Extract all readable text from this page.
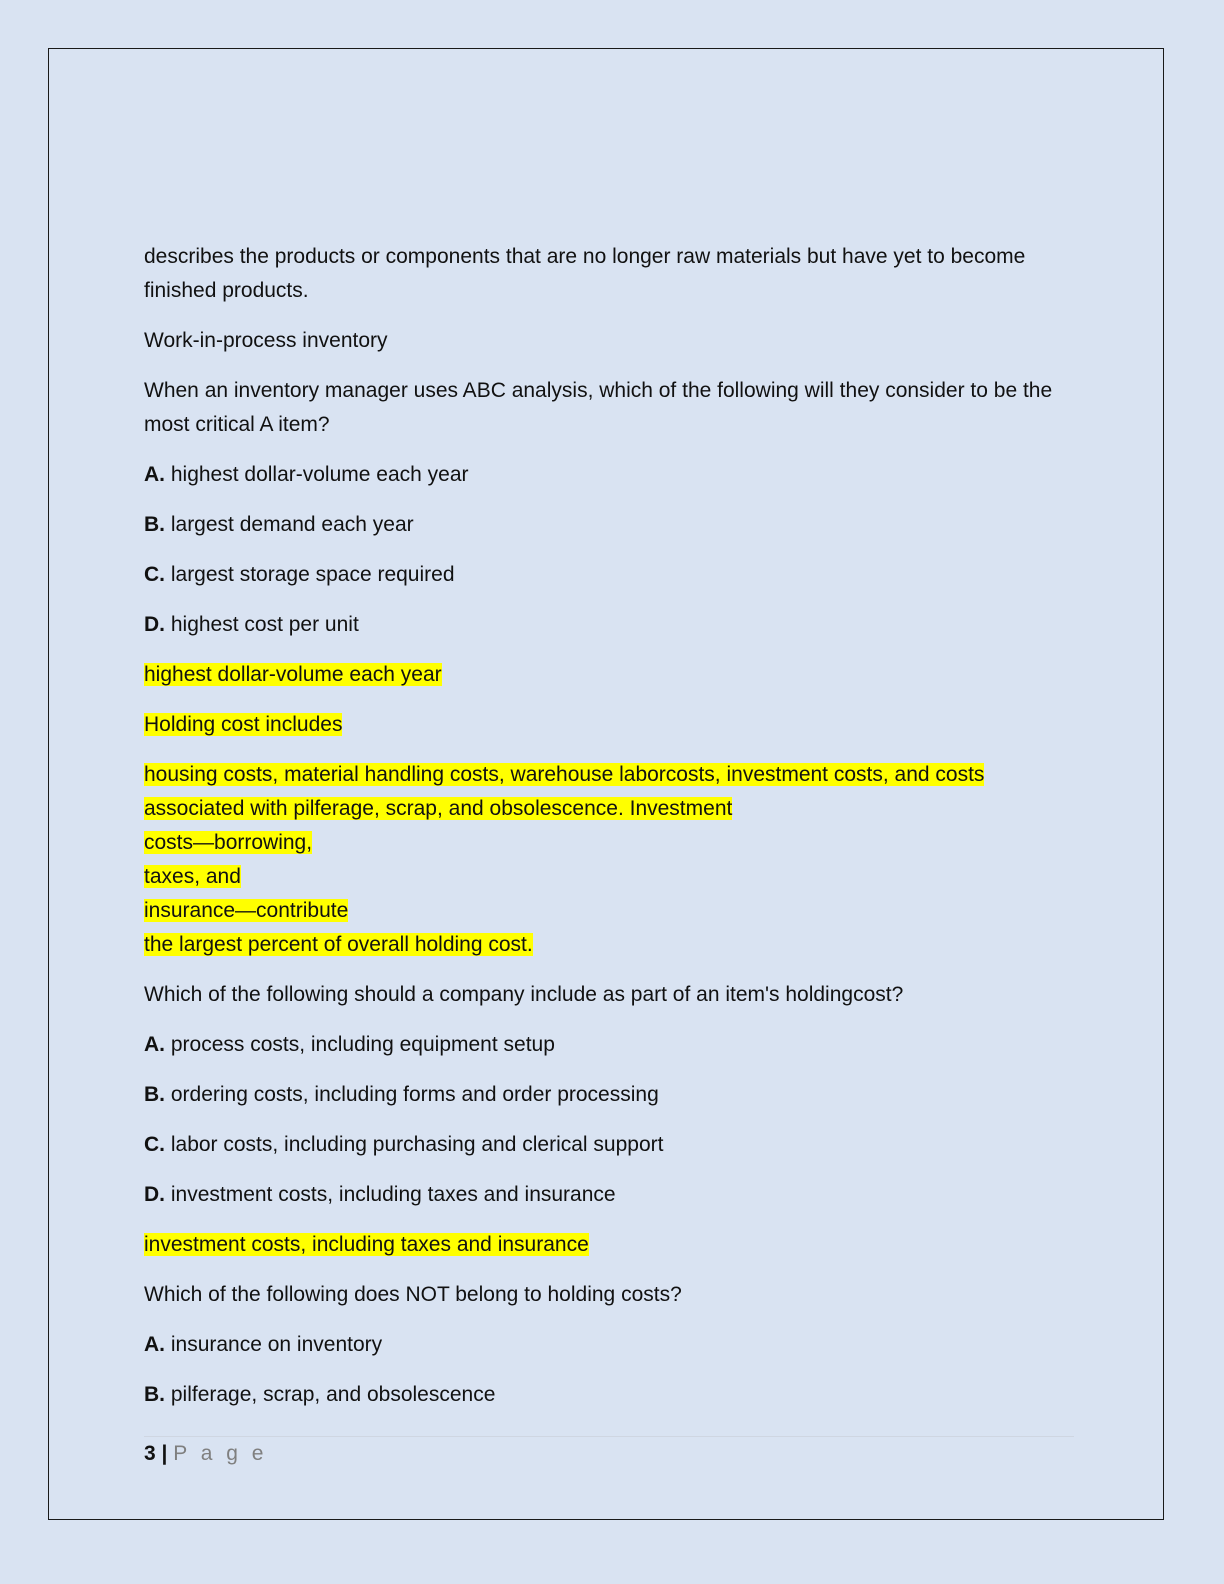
describes the products or components that are no longer raw materials but have yet to become finished products.

Work-in-process inventory

When an inventory manager uses ABC analysis, which of the following will they consider to be the most critical A item?

A. highest dollar-volume each year

B. largest demand each year

C. largest storage space required

D. highest cost per unit

highest dollar-volume each year

Holding cost includes

housing costs, material handling costs, warehouse laborcosts, investment costs, and costs
associated with pilferage, scrap, and obsolescence. Investment
costs—borrowing,
taxes, and
insurance—contribute
the largest percent of overall holding cost.

Which of the following should a company include as part of an item's holdingcost?

A. process costs, including equipment setup

B. ordering costs, including forms and order processing

C. labor costs, including purchasing and clerical support

D. investment costs, including taxes and insurance

investment costs, including taxes and insurance

Which of the following does NOT belong to holding costs?

A. insurance on inventory

B. pilferage, scrap, and obsolescence

3 | P a g e
